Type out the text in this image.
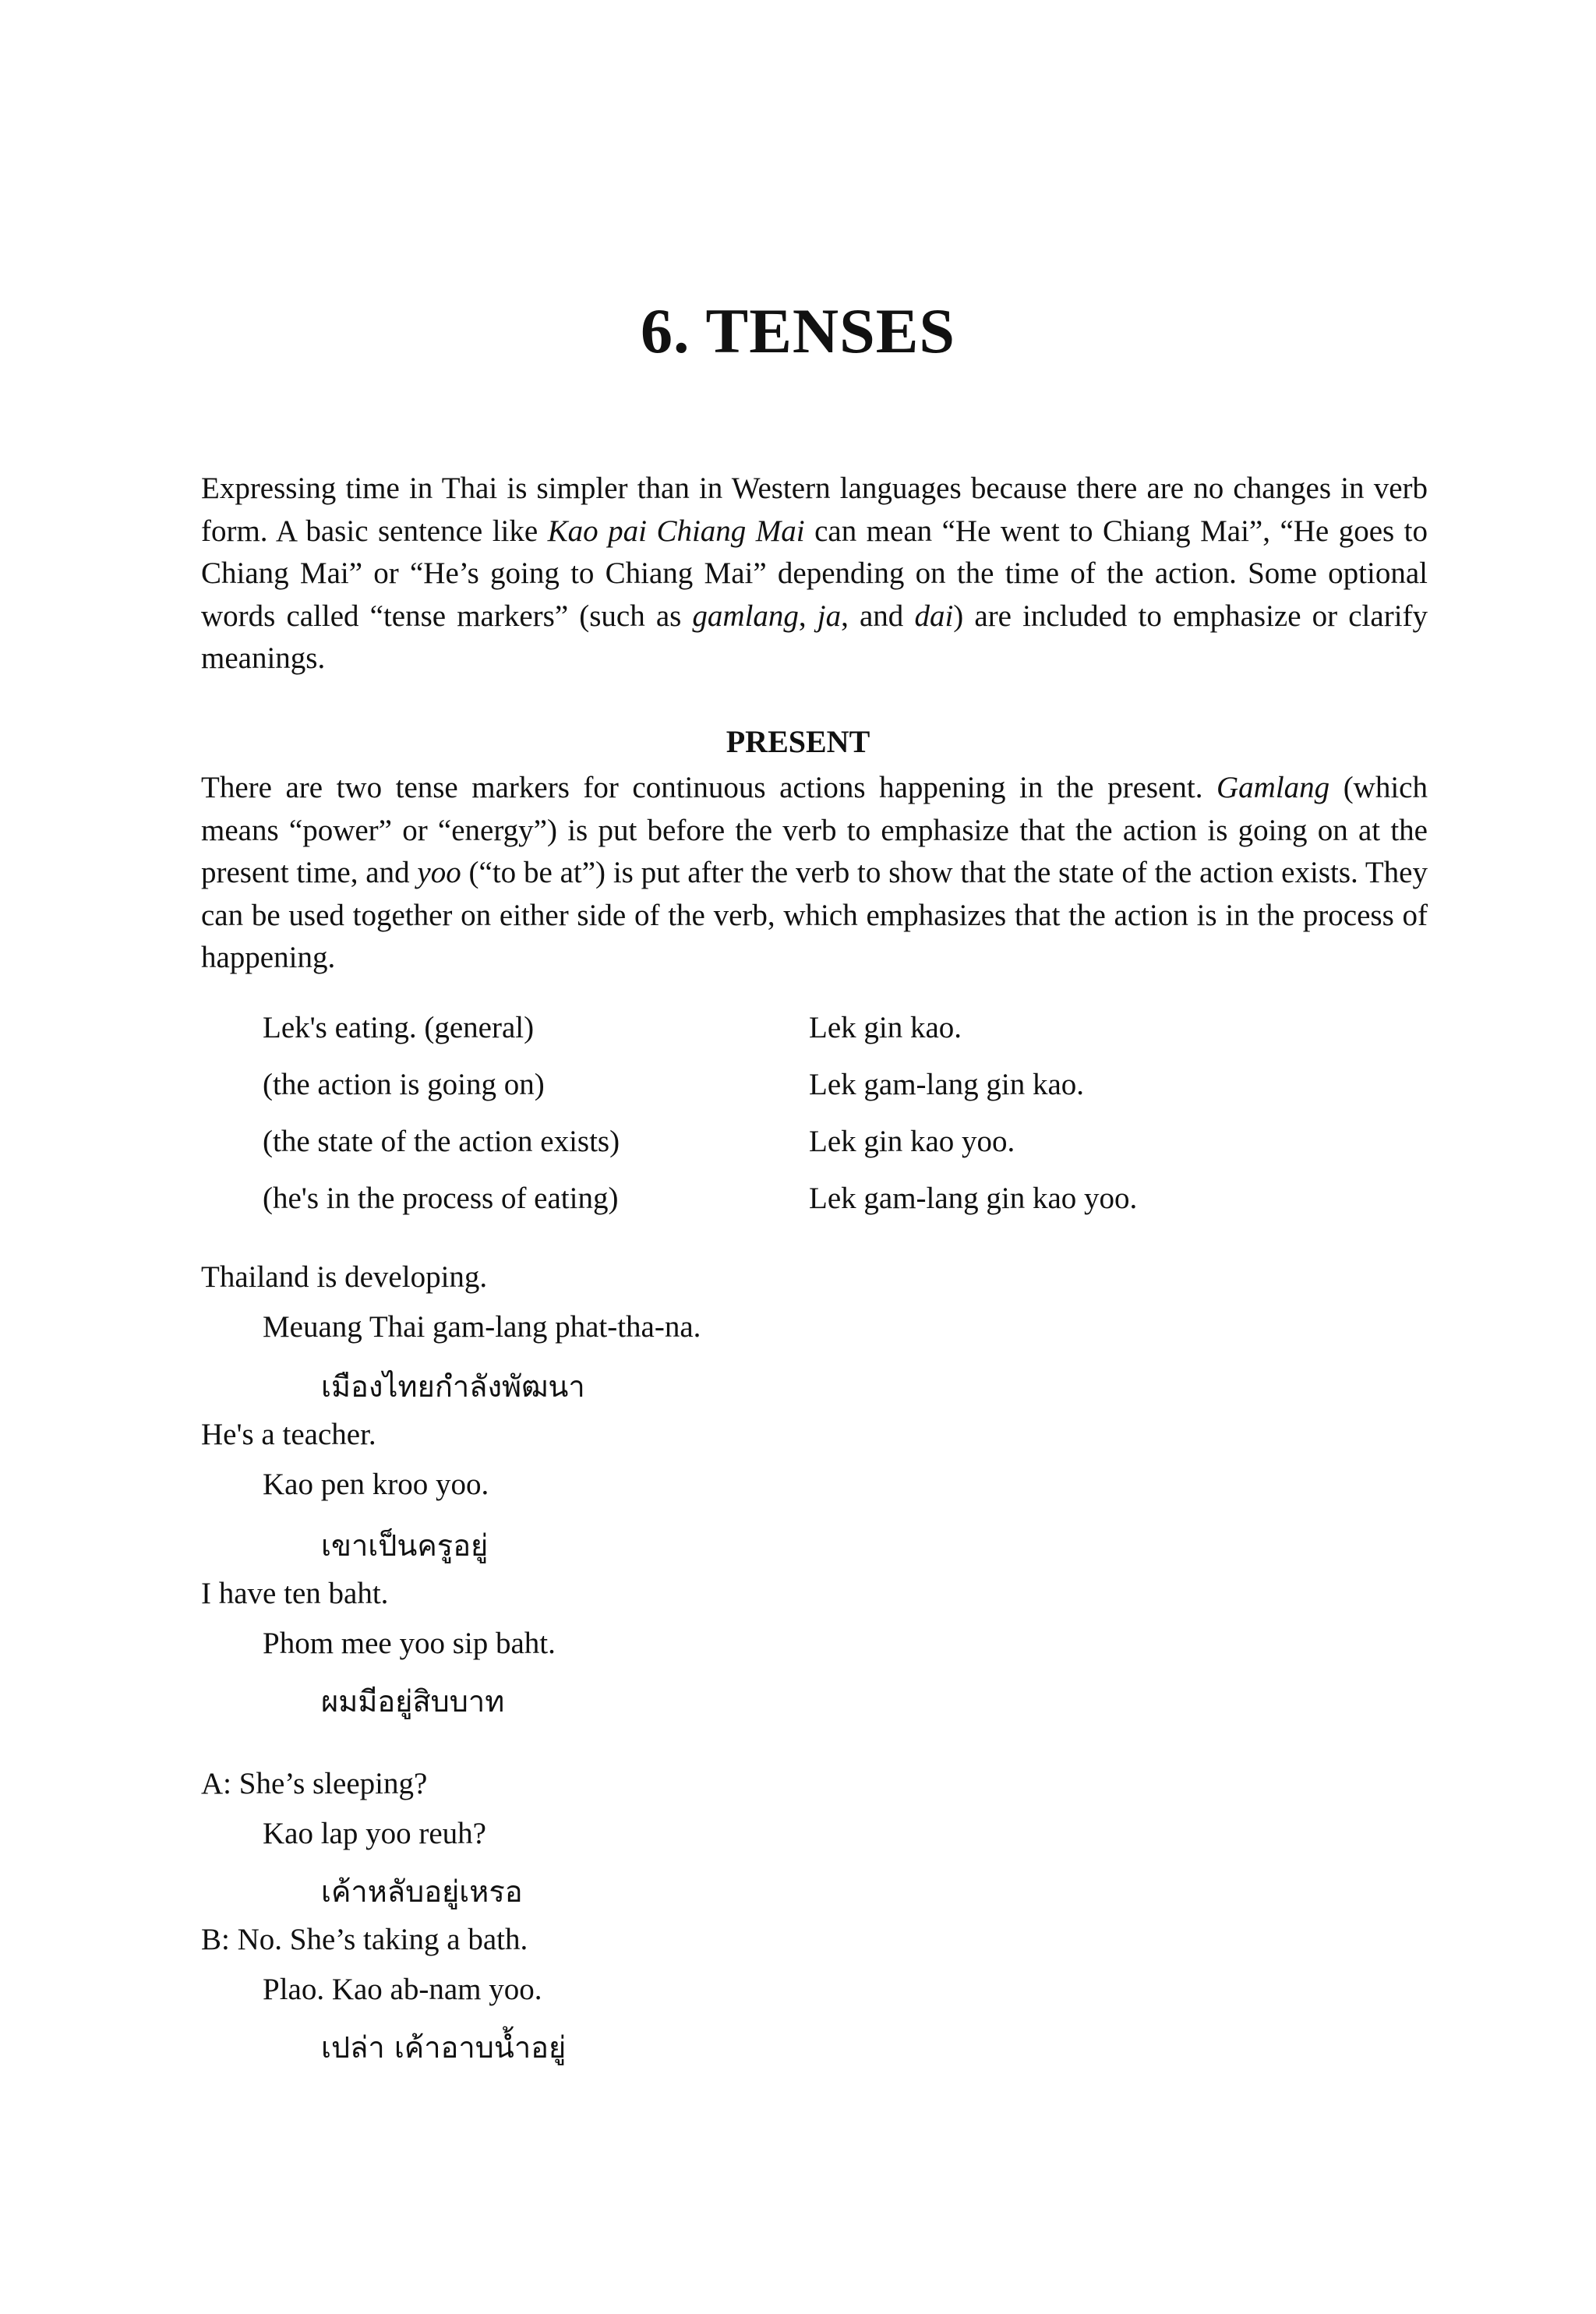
6. TENSES

Expressing time in Thai is simpler than in Western languages because there are no changes in verb form. A basic sentence like Kao pai Chiang Mai can mean “He went to Chiang Mai”, “He goes to Chiang Mai” or “He’s going to Chiang Mai” depending on the time of the action. Some optional words called “tense markers” (such as gamlang, ja, and dai) are included to emphasize or clarify meanings.

PRESENT

There are two tense markers for continuous actions happening in the present. Gamlang (which means “power” or “energy”) is put before the verb to emphasize that the action is going on at the present time, and yoo (“to be at”) is put after the verb to show that the state of the action exists. They can be used together on either side of the verb, which emphasizes that the action is in the process of happening.

Lek's eating. (general)	Lek gin kao.
(the action is going on)	Lek gam-lang gin kao.
(the state of the action exists)	Lek gin kao yoo.
(he's in the process of eating)	Lek gam-lang gin kao yoo.
Thailand is developing.
Meuang Thai gam-lang phat-tha-na.
เมืองไทยกำลังพัฒนา
He's a teacher.
Kao pen kroo yoo.
เขาเป็นครูอยู่
I have ten baht.
Phom mee yoo sip baht.
ผมมีอยู่สิบบาท
A: She’s sleeping?
Kao lap yoo reuh?
เค้าหลับอยู่เหรอ
B: No. She’s taking a bath.
Plao. Kao ab-nam yoo.
เปล่า เค้าอาบน้ำอยู่
